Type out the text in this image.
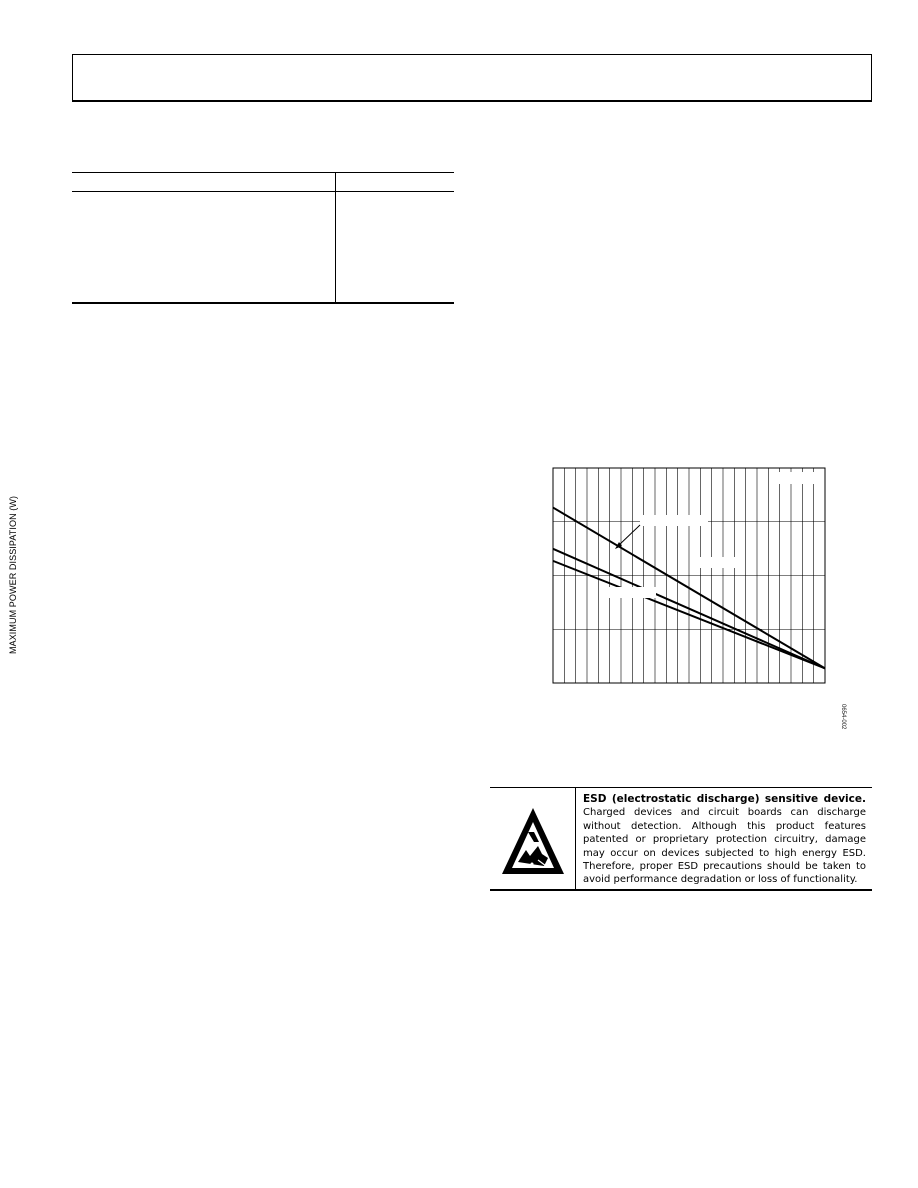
MAXIMUM POWER DISSIPATION (W)
0654-002
ESD (electrostatic discharge) sensitive device. Charged devices and circuit boards can discharge without detection. Although this product features patented or proprietary protection circuitry, damage may occur on devices subjected to high energy ESD. Therefore, proper ESD precautions should be taken to avoid performance degradation or loss of functionality.
